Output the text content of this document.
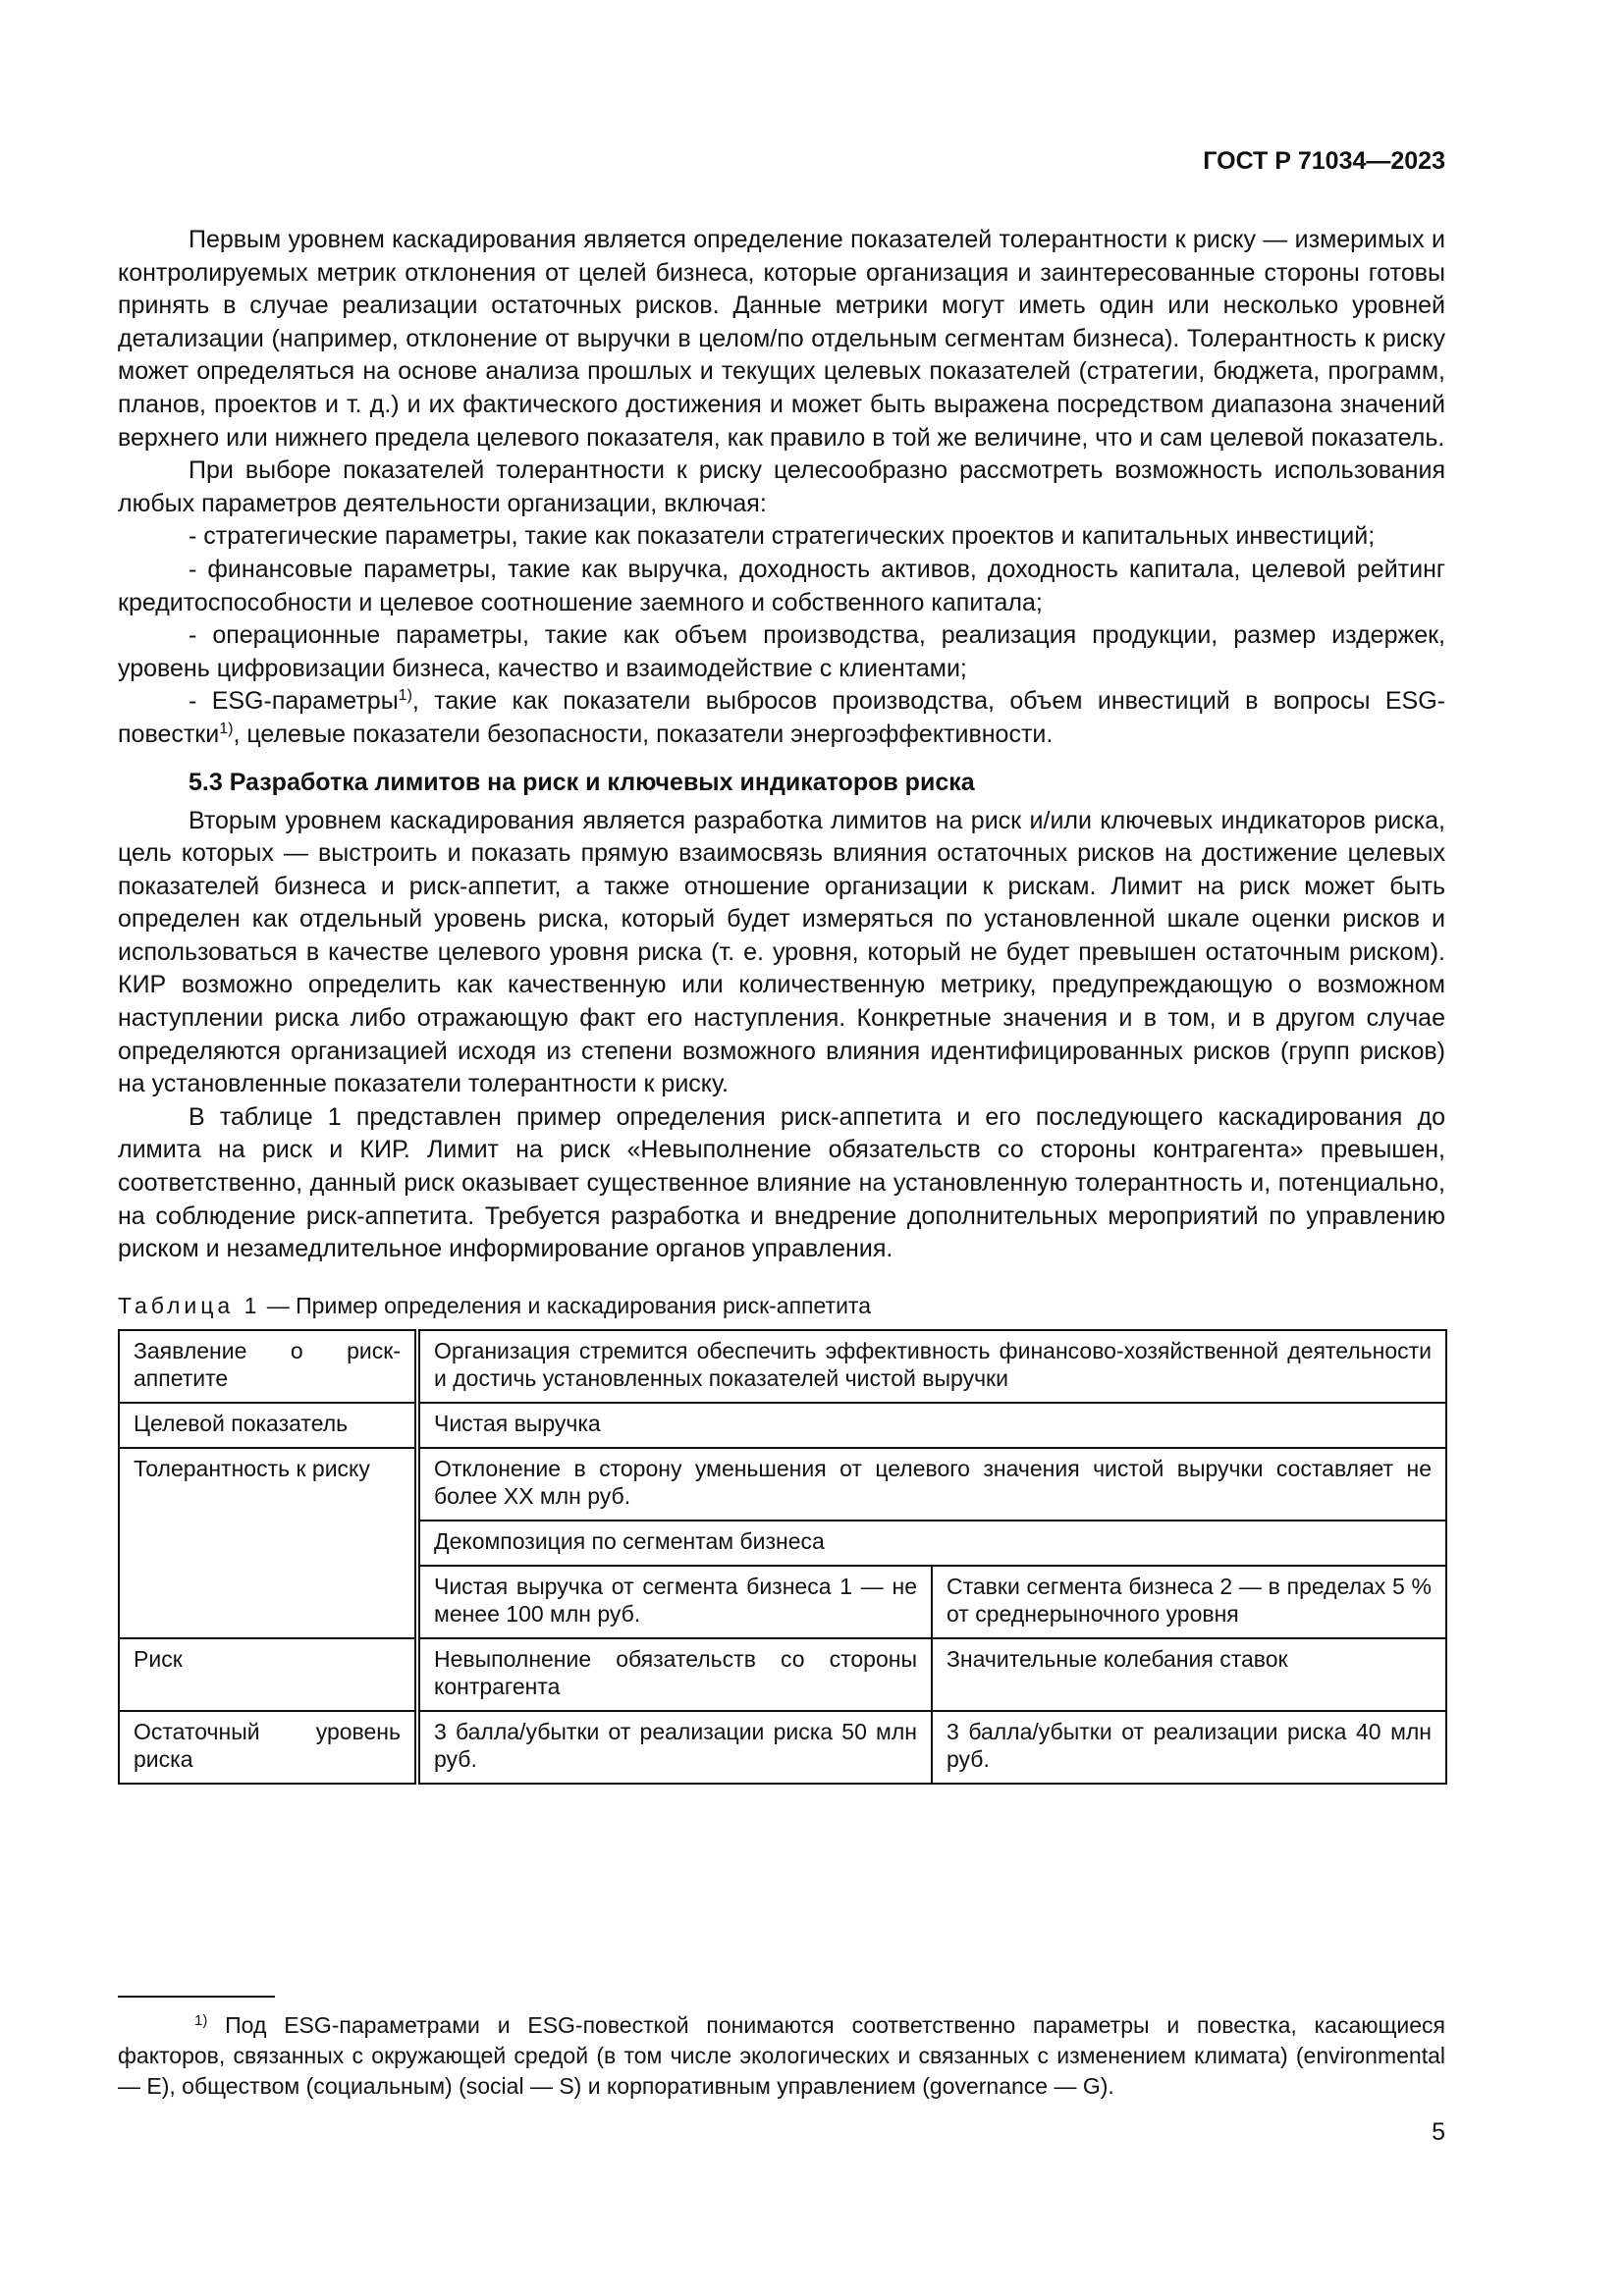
ГОСТ Р 71034—2023

Первым уровнем каскадирования является определение показателей толерантности к риску — измеримых и контролируемых метрик отклонения от целей бизнеса, которые организация и заинтересованные стороны готовы принять в случае реализации остаточных рисков. Данные метрики могут иметь один или несколько уровней детализации (например, отклонение от выручки в целом/по отдельным сегментам бизнеса). Толерантность к риску может определяться на основе анализа прошлых и текущих целевых показателей (стратегии, бюджета, программ, планов, проектов и т. д.) и их фактического достижения и может быть выражена посредством диапазона значений верхнего или нижнего предела целевого показателя, как правило в той же величине, что и сам целевой показатель.

При выборе показателей толерантности к риску целесообразно рассмотреть возможность использования любых параметров деятельности организации, включая:

- стратегические параметры, такие как показатели стратегических проектов и капитальных инвестиций;

- финансовые параметры, такие как выручка, доходность активов, доходность капитала, целевой рейтинг кредитоспособности и целевое соотношение заемного и собственного капитала;

- операционные параметры, такие как объем производства, реализация продукции, размер издержек, уровень цифровизации бизнеса, качество и взаимодействие с клиентами;

- ESG-параметры$^{1)}$, такие как показатели выбросов производства, объем инвестиций в вопросы ESG-повестки$^{1)}$, целевые показатели безопасности, показатели энергоэффективности.

5.3 Разработка лимитов на риск и ключевых индикаторов риска

Вторым уровнем каскадирования является разработка лимитов на риск и/или ключевых индикаторов риска, цель которых — выстроить и показать прямую взаимосвязь влияния остаточных рисков на достижение целевых показателей бизнеса и риск-аппетит, а также отношение организации к рискам. Лимит на риск может быть определен как отдельный уровень риска, который будет измеряться по установленной шкале оценки рисков и использоваться в качестве целевого уровня риска (т. е. уровня, который не будет превышен остаточным риском). КИР возможно определить как качественную или количественную метрику, предупреждающую о возможном наступлении риска либо отражающую факт его наступления. Конкретные значения и в том, и в другом случае определяются организацией исходя из степени возможного влияния идентифицированных рисков (групп рисков) на установленные показатели толерантности к риску.

В таблице 1 представлен пример определения риск-аппетита и его последующего каскадирования до лимита на риск и КИР. Лимит на риск «Невыполнение обязательств со стороны контрагента» превышен, соответственно, данный риск оказывает существенное влияние на установленную толерантность и, потенциально, на соблюдение риск-аппетита. Требуется разработка и внедрение дополнительных мероприятий по управлению риском и незамедлительное информирование органов управления.

Таблица 1 — Пример определения и каскадирования риск-аппетита
Заявление о риск-аппетите	Организация стремится обеспечить эффективность финансово-хозяйственной деятельности и достичь установленных показателей чистой выручки	
Целевой показатель	Чистая выручка	
Толерантность к риску	Отклонение в сторону уменьшения от целевого значения чистой выручки составляет не более XX млн руб.	
	Декомпозиция по сегментам бизнеса	
	Чистая выручка от сегмента бизнеса 1 — не менее 100 млн руб.	Ставки сегмента бизнеса 2 — в пределах 5 % от среднерыночного уровня
Риск	Невыполнение обязательств со стороны контрагента	Значительные колебания ставок
Остаточный уровень риска	3 балла/убытки от реализации риска 50 млн руб.	3 балла/убытки от реализации риска 40 млн руб.
$^{1)}$ Под ESG-параметрами и ESG-повесткой понимаются соответственно параметры и повестка, касающиеся факторов, связанных с окружающей средой (в том числе экологических и связанных с изменением климата) (environmental — E), обществом (социальным) (social — S) и корпоративным управлением (governance — G).
5
